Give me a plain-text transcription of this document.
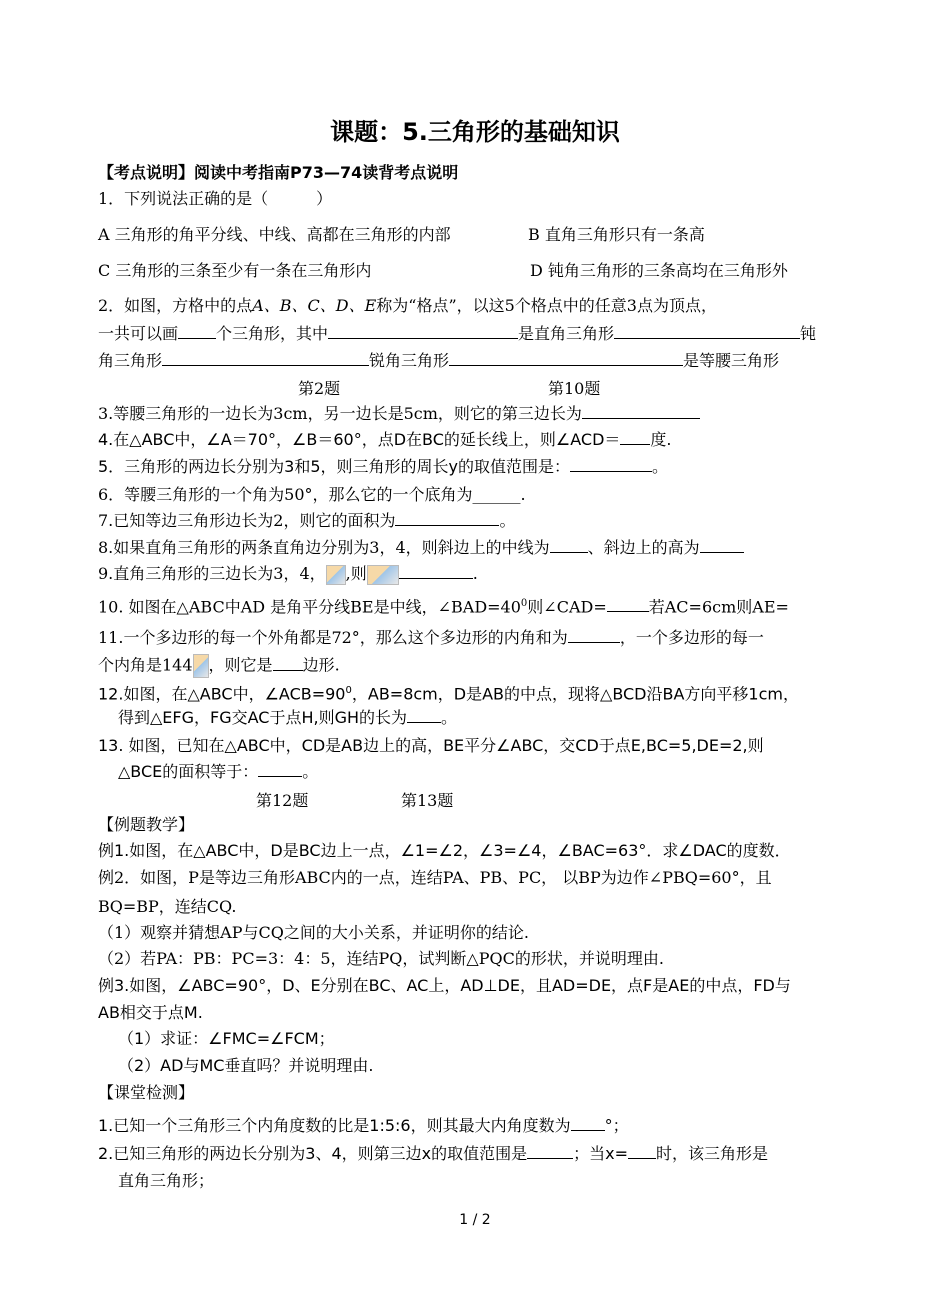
课题：5.三角形的基础知识
【考点说明】阅读中考指南P73—74读背考点说明
1．下列说法正确的是（　　　）
A 三角形的角平分线、中线、高都在三角形的内部	B 直角三角形只有一条高
C 三角形的三条至少有一条在三角形内	D 钝角三角形的三条高均在三角形外
2．如图，方格中的点A、B、C、D、E称为“格点”，以这5个格点中的任意3点为顶点，
一共可以画 个三角形，其中	是直角三角形	钝
角三角形	锐角三角形	是等腰三角形
第2题	第10题
3.等腰三角形的一边长为3cm，另一边长是5cm，则它的第三边长为
4.在△ABC中，∠A＝70°，∠B＝60°，点D在BC的延长线上，则∠ACD＝ 度.
5．三角形的两边长分别为3和5，则三角形的周长y的取值范围是：	。
6．等腰三角形的一个角为50°，那么它的一个底角为______.
7.已知等边三角形边长为2，则它的面积为	。
8.如果直角三角形的两条直角边分别为3，4，则斜边上的中线为 、斜边上的高为
9.直角三角形的三边长为3，4， ,则	.
10. 如图在△ABC中AD 是角平分线BE是中线，$\angle BAD=40^0$则∠CAD=	若AC=6cm则AE=
11.一个多边形的每一个外角都是72°，那么这个多边形的内角和为	，一个多边形的每一
个内角是144 ，则它是 边形.
12.如图，在△ABC中，$\angle ACB=90^0$，AB=8cm，D是AB的中点，现将△BCD沿BA方向平移1cm，
得到△EFG，FG交AC于点H,则GH的长为 。
13. 如图，已知在△ABC中，CD是AB边上的高，BE平分∠ABC，交CD于点E,BC=5,DE=2,则
△BCE的面积等于：	。
第12题	第13题
【例题教学】
例1.如图，在△ABC中，D是BC边上一点，∠1=∠2，∠3=∠4，∠BAC=63°．求∠DAC的度数．
例2．如图，P是等边三角形ABC内的一点，连结PA、PB、PC， 以BP为边作∠PBQ=60°，且
BQ=BP，连结CQ.
（1）观察并猜想AP与CQ之间的大小关系，并证明你的结论.
（2）若PA：PB：PC=3：4：5，连结PQ，试判断△PQC的形状，并说明理由.
例3.如图，∠ABC=90°，D、E分别在BC、AC上，AD⊥DE，且AD=DE，点F是AE的中点，FD与
AB相交于点M.
（1）求证：∠FMC=∠FCM；
（2）AD与MC垂直吗？并说明理由.
【课堂检测】
1.已知一个三角形三个内角度数的比是1:5:6，则其最大内角度数为 °；
2.已知三角形的两边长分别为3、4，则第三边x的取值范围是	；当x= 时，该三角形是
直角三角形；
1 / 2
